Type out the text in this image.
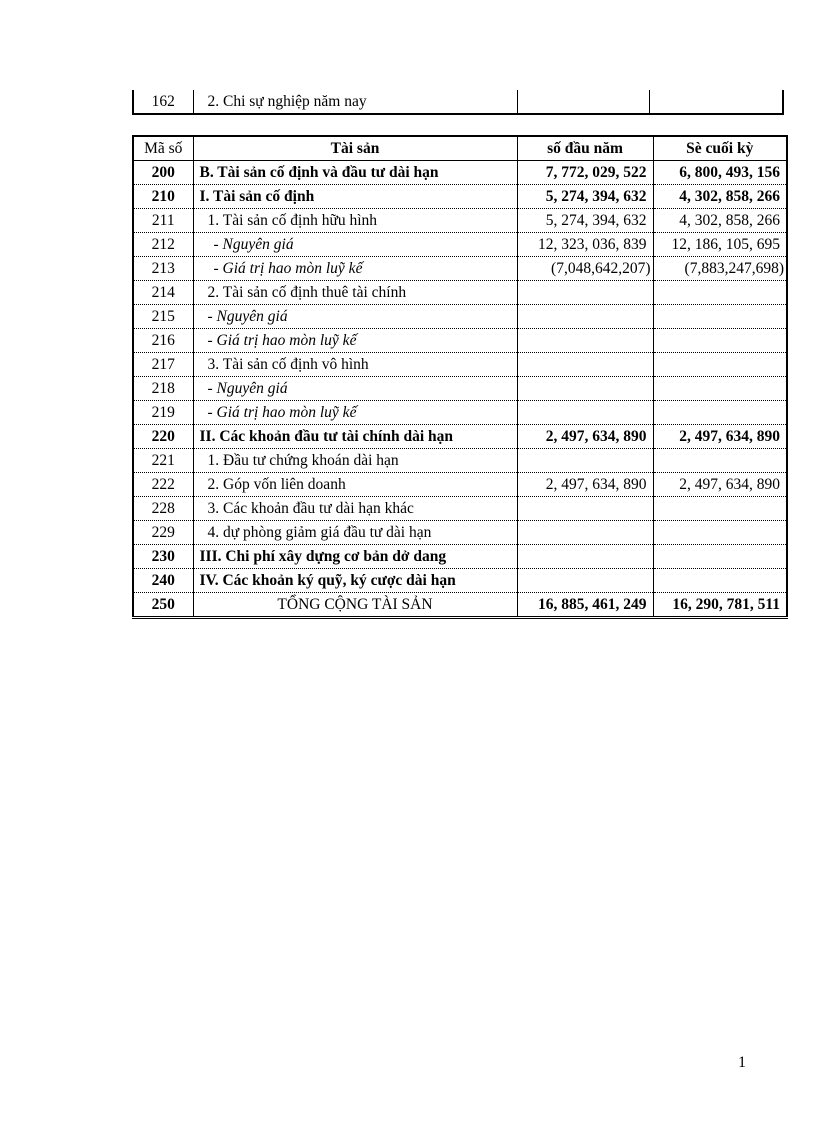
162	2. Chi sự nghiệp năm nay		
Mã số	Tài sản	số đầu năm	Sè cuối kỳ
200	B. Tài sản cố định và đầu tư dài hạn	7, 772, 029, 522	6, 800, 493, 156
210	I. Tài sản cố định	5, 274, 394, 632	4, 302, 858, 266
211	1. Tài sản cố định hữu hình	5, 274, 394, 632	4, 302, 858, 266
212	- Nguyên giá	12, 323, 036, 839	12, 186, 105, 695
213	- Giá trị hao mòn luỹ kế	(7,048,642,207)	(7,883,247,698)
214	2. Tài sản cố định thuê tài chính		
215	- Nguyên giá		
216	- Giá trị hao mòn luỹ kế		
217	3. Tài sản cố định vô hình		
218	- Nguyên giá		
219	- Giá trị hao mòn luỹ kế		
220	II. Các khoản đầu tư tài chính dài hạn	2, 497, 634, 890	2, 497, 634, 890
221	1. Đầu tư chứng khoán dài hạn		
222	2. Góp vốn liên doanh	2, 497, 634, 890	2, 497, 634, 890
228	3. Các khoản đầu tư dài hạn khác		
229	4. dự phòng giảm giá đầu tư dài hạn		
230	III. Chi phí xây dựng cơ bản dở dang		
240	IV. Các khoản ký quỹ, ký cược dài hạn		
250	TỔNG CỘNG TÀI SẢN	16, 885, 461, 249	16, 290, 781, 511
1
